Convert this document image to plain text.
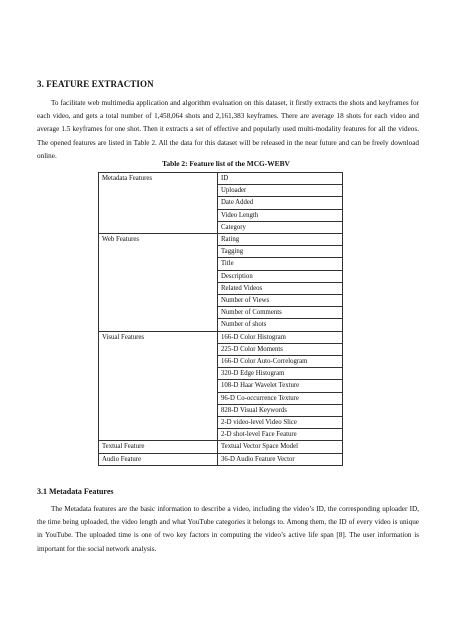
3. FEATURE EXTRACTION

To facilitate web multimedia application and algorithm evaluation on this dataset, it firstly extracts the shots and keyframes for each video, and gets a total number of 1,458,064 shots and 2,161,383 keyframes. There are average 18 shots for each video and average 1.5 keyframes for one shot. Then it extracts a set of effective and popularly used multi-modality features for all the videos. The opened features are listed in Table 2. All the data for this dataset will be released in the near future and can be freely download online.

Table 2: Feature list of the MCG-WEBV
Metadata Features	ID
	Uploader
	Date Added
	Video Length
	Category
Web Features	Rating
	Tagging
	Title
	Description
	Related Videos
	Number of Views
	Number of Comments
	Number of shots
Visual Features	166-D Color Histogram
	225-D Color Moments
	166-D Color Auto-Correlogram
	320-D Edge Histogram
	108-D Haar Wavelet Texture
	96-D Co-occurrence Texture
	828-D Visual Keywords
	2-D video-level Video Slice
	2-D shot-level Face Feature
Textual Feature	Textual Vector Space Model
Audio Feature	36-D Audio Feature Vector
3.1 Metadata Features

The Metadata features are the basic information to describe a video, including the video’s ID, the corresponding uploader ID, the time being uploaded, the video length and what YouTube categories it belongs to. Among them, the ID of every video is unique in YouTube. The uploaded time is one of two key factors in computing the video’s active life span [8]. The user information is important for the social network analysis.
